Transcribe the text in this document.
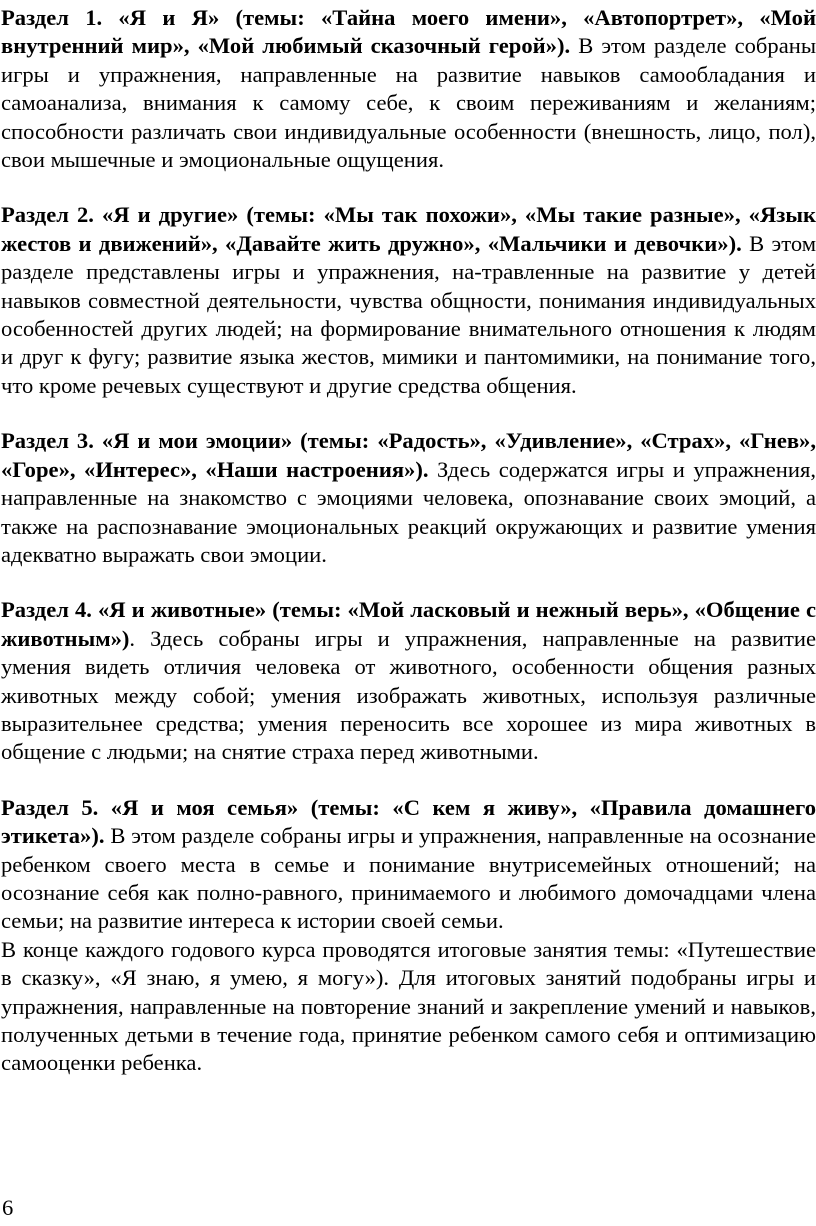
Раздел 1. «Я и Я» (темы: «Тайна моего имени», «Автопортрет», «Мой внутренний мир», «Мой любимый сказочный герой»). В этом разделе собраны игры и упражнения, направленные на развитие навыков самообладания и самоанализа, внимания к самому себе, к своим переживаниям и желаниям; способности различать свои индивидуальные особенности (внешность, лицо, пол), свои мышечные и эмоциональные ощущения.

Раздел 2. «Я и другие» (темы: «Мы так похожи», «Мы такие разные», «Язык жестов и движений», «Давайте жить дружно», «Мальчики и девочки»). В этом разделе представлены игры и упражнения, на-травленные на развитие у детей навыков совместной деятельности, чувства общности, понимания индивидуальных особенностей других людей; на формирование внимательного отношения к людям и друг к фугу; развитие языка жестов, мимики и пантомимики, на понимание того, что кроме речевых существуют и другие средства общения.

Раздел 3. «Я и мои эмоции» (темы: «Радость», «Удивление», «Страх», «Гнев», «Горе», «Интерес», «Наши настроения»). Здесь содержатся игры и упражнения, направленные на знакомство с эмоциями человека, опознавание своих эмоций, а также на распознавание эмоциональных реакций окружающих и развитие умения адекватно выражать свои эмоции.

Раздел 4. «Я и животные» (темы: «Мой ласковый и нежный верь», «Общение с животным»). Здесь собраны игры и упражнения, направленные на развитие умения видеть отличия человека от животного, особенности общения разных животных между собой; умения изображать животных, используя различные выразительнее средства; умения переносить все хорошее из мира животных в общение с людьми; на снятие страха перед животными.

Раздел 5. «Я и моя семья» (темы: «С кем я живу», «Правила домашнего этикета»). В этом разделе собраны игры и упражнения, направленные на осознание ребенком своего места в семье и понимание внутрисемейных отношений; на осознание себя как полно-равного, принимаемого и любимого домочадцами члена семьи; на развитие интереса к истории своей семьи.

В конце каждого годового курса проводятся итоговые занятия темы: «Путешествие в сказку», «Я знаю, я умею, я могу»). Для итоговых занятий подобраны игры и упражнения, направленные на повторение знаний и закрепление умений и навыков, полученных детьми в течение года, принятие ребенком самого себя и оптимизацию самооценки ребенка.

6
